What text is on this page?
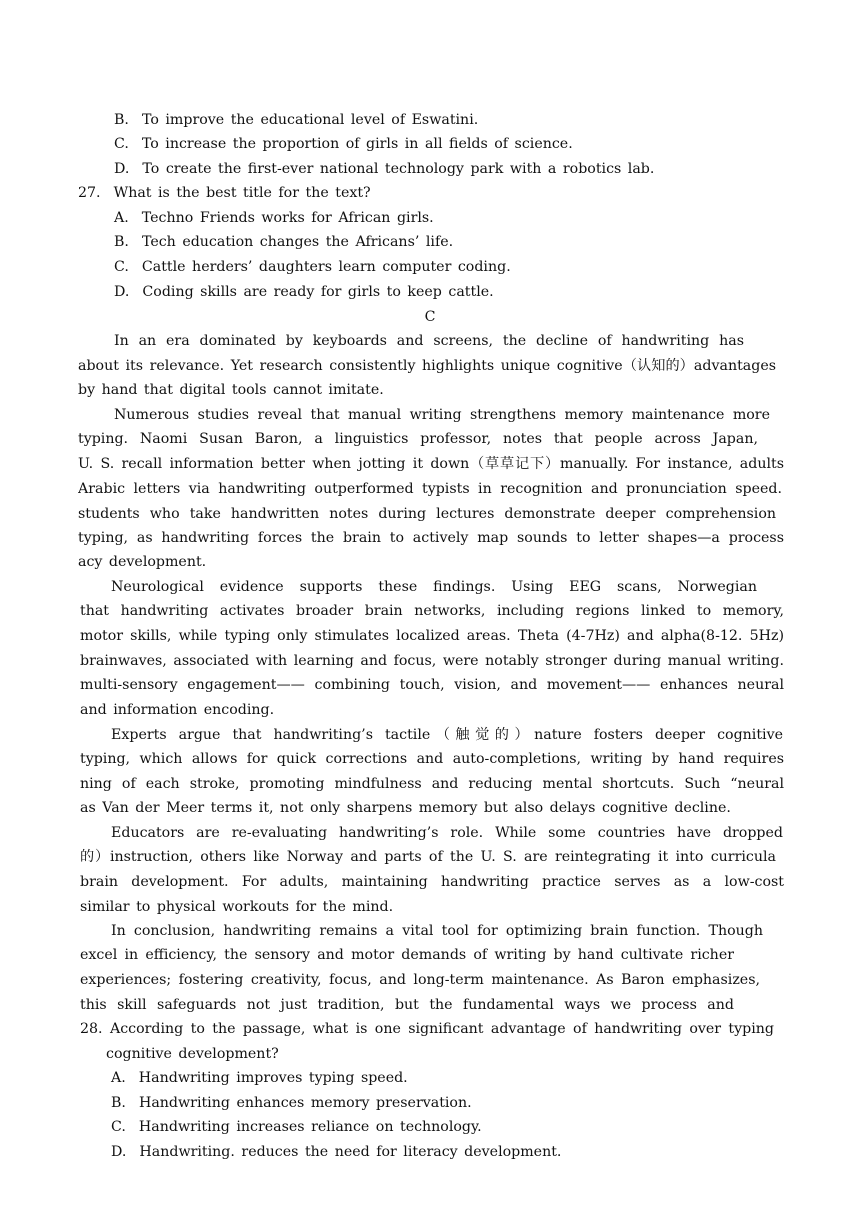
B. To improve the educational level of Eswatini.
C. To increase the proportion of girls in all fields of science.
D. To create the first-ever national technology park with a robotics lab.
27. What is the best title for the text?
A. Techno Friends works for African girls.
B. Tech education changes the Africans’ life.
C. Cattle herders’ daughters learn computer coding.
D. Coding skills are ready for girls to keep cattle.
C
In an era dominated by keyboards and screens, the decline of handwriting has
about its relevance. Yet research consistently highlights unique cognitive（认知的）advantages
by hand that digital tools cannot imitate.
Numerous studies reveal that manual writing strengthens memory maintenance more
typing. Naomi Susan Baron, a linguistics professor, notes that people across Japan,
U. S. recall information better when jotting it down（草草记下）manually. For instance, adults
Arabic letters via handwriting outperformed typists in recognition and pronunciation speed.
students who take handwritten notes during lectures demonstrate deeper comprehension
typing, as handwriting forces the brain to actively map sounds to letter shapes—a process
acy development.
Neurological evidence supports these findings. Using EEG scans, Norwegian
that handwriting activates broader brain networks, including regions linked to memory,
motor skills, while typing only stimulates localized areas. Theta (4-7Hz) and alpha(8-12. 5Hz)
brainwaves, associated with learning and focus, were notably stronger during manual writing.
multi-sensory engagement—— combining touch, vision, and movement—— enhances neural
and information encoding.
Experts argue that handwriting’s tactile（触觉的）nature fosters deeper cognitive
typing, which allows for quick corrections and auto-completions, writing by hand requires
ning of each stroke, promoting mindfulness and reducing mental shortcuts. Such “neural
as Van der Meer terms it, not only sharpens memory but also delays cognitive decline.
Educators are re-evaluating handwriting’s role. While some countries have dropped
的）instruction, others like Norway and parts of the U. S. are reintegrating it into curricula
brain development. For adults, maintaining handwriting practice serves as a low-cost
similar to physical workouts for the mind.
In conclusion, handwriting remains a vital tool for optimizing brain function. Though
excel in efficiency, the sensory and motor demands of writing by hand cultivate richer
experiences; fostering creativity, focus, and long-term maintenance. As Baron emphasizes,
this skill safeguards not just tradition, but the fundamental ways we process and
28. According to the passage, what is one significant advantage of handwriting over typing
cognitive development?
A. Handwriting improves typing speed.
B. Handwriting enhances memory preservation.
C. Handwriting increases reliance on technology.
D. Handwriting. reduces the need for literacy development.
